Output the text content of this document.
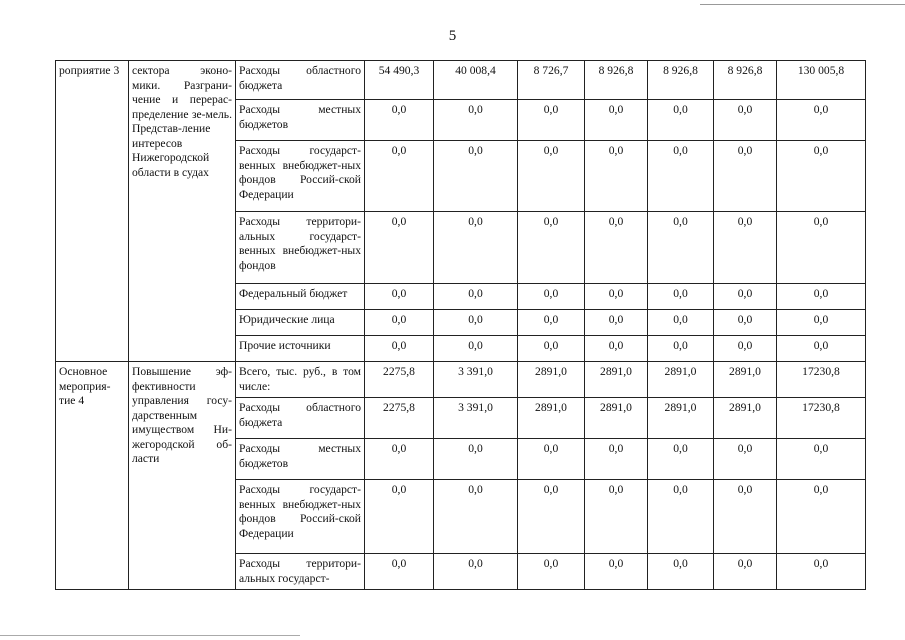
5
роприятие 3	сектора эконо-мики. Разграни-чение и перерас-пределение зе-мель. Представ-ление интересов Нижегородской области в судах	Расходы областного бюджета	54 490,3	40 008,4	8 726,7	8 926,8	8 926,8	8 926,8	130 005,8
		Расходы местных бюджетов	0,0	0,0	0,0	0,0	0,0	0,0	0,0
		Расходы государст-венных внебюджет-ных фондов Россий-ской Федерации	0,0	0,0	0,0	0,0	0,0	0,0	0,0
		Расходы территори-альных государст-венных внебюджет-ных фондов	0,0	0,0	0,0	0,0	0,0	0,0	0,0
		Федеральный бюджет	0,0	0,0	0,0	0,0	0,0	0,0	0,0
		Юридические лица	0,0	0,0	0,0	0,0	0,0	0,0	0,0
		Прочие источники	0,0	0,0	0,0	0,0	0,0	0,0	0,0
Основное мероприя-тие 4	Повышение эф-фективности управления госу-дарственным имуществом Ни-жегородской об-ласти	Всего, тыс. руб., в том числе:	2275,8	3 391,0	2891,0	2891,0	2891,0	2891,0	17230,8
		Расходы областного бюджета	2275,8	3 391,0	2891,0	2891,0	2891,0	2891,0	17230,8
		Расходы местных бюджетов	0,0	0,0	0,0	0,0	0,0	0,0	0,0
		Расходы государст-венных внебюджет-ных фондов Россий-ской Федерации	0,0	0,0	0,0	0,0	0,0	0,0	0,0
		Расходы территори-альных государст-	0,0	0,0	0,0	0,0	0,0	0,0	0,0
